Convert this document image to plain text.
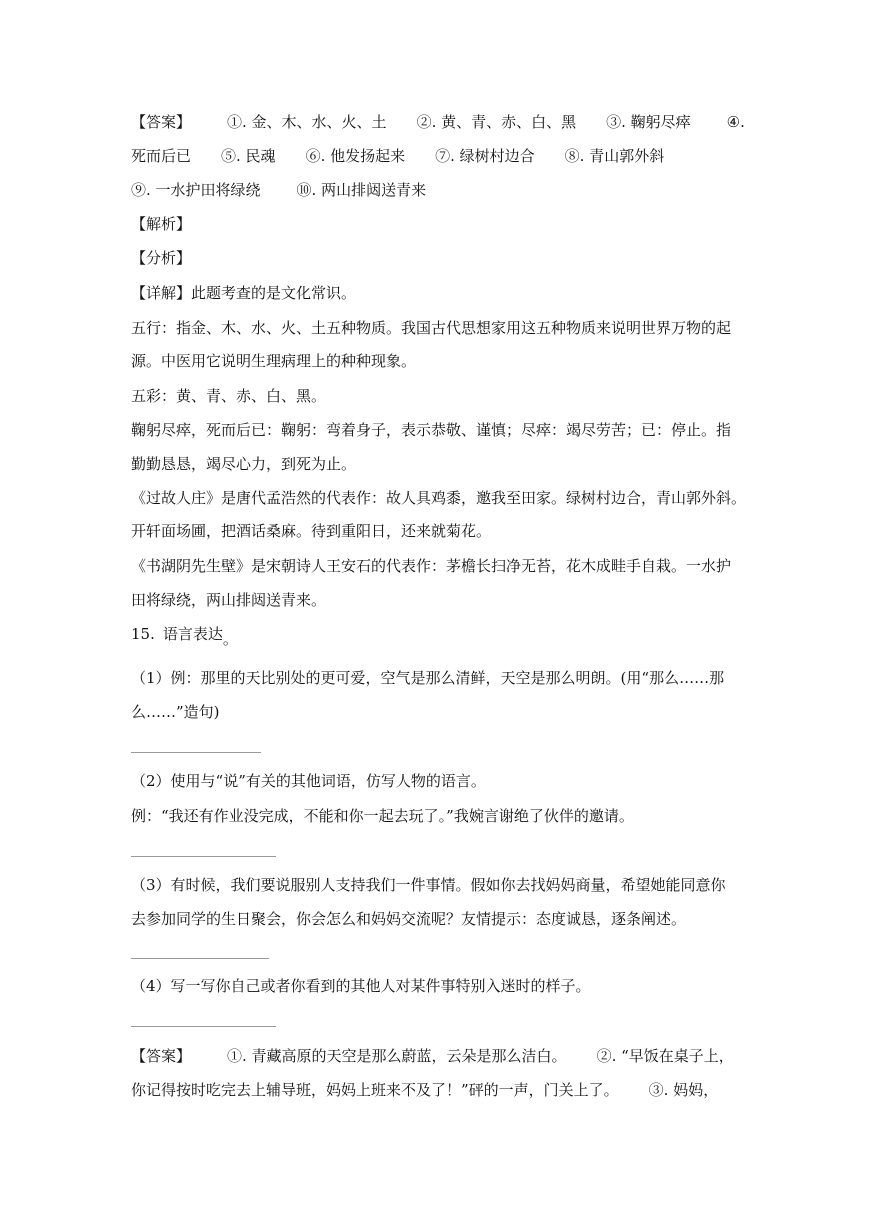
【答案】 ①. 金、木、水、火、土 ②. 黄、青、赤、白、黑 ③. 鞠躬尽瘁 ④.
死而后已 ⑤. 民魂 ⑥. 他发扬起来 ⑦. 绿树村边合 ⑧. 青山郭外斜
⑨. 一水护田将绿绕 ⑩. 两山排闼送青来
【解析】
【分析】
【详解】此题考查的是文化常识。
五行：指金、木、水、火、土五种物质。我国古代思想家用这五种物质来说明世界万物的起
源。中医用它说明生理病理上的种种现象。
五彩：黄、青、赤、白、黑。
鞠躬尽瘁，死而后已：鞠躬：弯着身子，表示恭敬、谨慎；尽瘁：竭尽劳苦；已：停止。指
勤勤恳恳，竭尽心力，到死为止。
《过故人庄》是唐代孟浩然的代表作：故人具鸡黍，邀我至田家。绿树村边合，青山郭外斜。
开轩面场圃，把酒话桑麻。待到重阳日，还来就菊花。
《书湖阴先生壁》是宋朝诗人王安石的代表作：茅檐长扫净无苔，花木成畦手自栽。一水护
田将绿绕，两山排闼送青来。
15. 语言表达。
（1）例：那里的天比别处的更可爱，空气是那么清鲜，天空是那么明朗。(用“那么……那
么……”造句)
（2）使用与“说”有关的其他词语，仿写人物的语言。
例：“我还有作业没完成，不能和你一起去玩了。”我婉言谢绝了伙伴的邀请。
（3）有时候，我们要说服别人支持我们一件事情。假如你去找妈妈商量，希望她能同意你
去参加同学的生日聚会，你会怎么和妈妈交流呢？友情提示：态度诚恳，逐条阐述。
（4）写一写你自己或者你看到的其他人对某件事特别入迷时的样子。
【答案】 ①. 青藏高原的天空是那么蔚蓝，云朵是那么洁白。 ②. “早饭在桌子上，
你记得按时吃完去上辅导班，妈妈上班来不及了！”砰的一声，门关上了。 ③. 妈妈，
